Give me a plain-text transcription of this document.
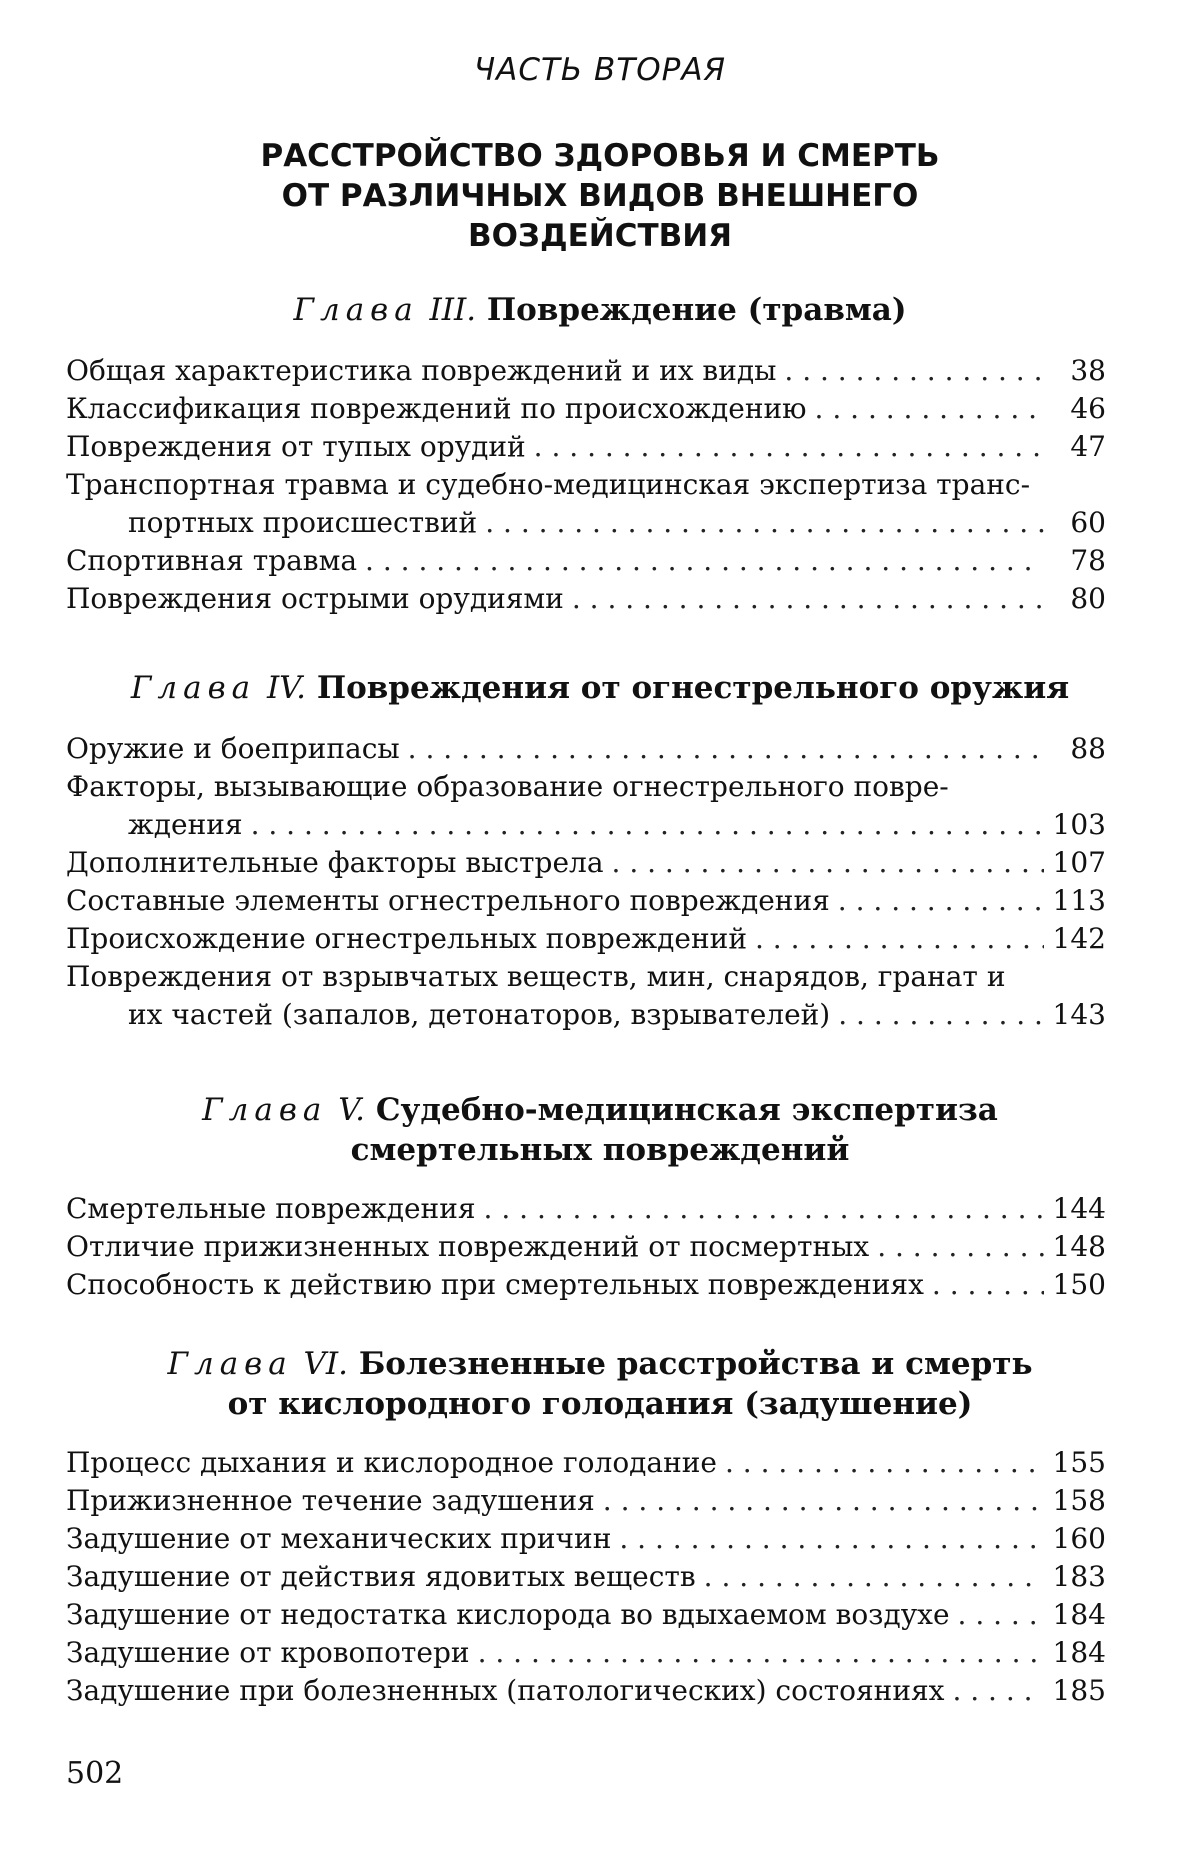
ЧАСТЬ ВТОРАЯ
РАССТРОЙСТВО ЗДОРОВЬЯ И СМЕРТЬ
ОТ РАЗЛИЧНЫХ ВИДОВ ВНЕШНЕГО
ВОЗДЕЙСТВИЯ
Глава III. Повреждение (травма)
Общая характеристика повреждений и их виды . . .	38
Классификация повреждений по происхождению . . .	46
Повреждения от тупых орудий . . .	47
Транспортная травма и судебно-медицинская экспертиза транс-
портных происшествий . . .	60
Спортивная травма . . .	78
Повреждения острыми орудиями . . .	80
Глава IV. Повреждения от огнестрельного оружия
Оружие и боеприпасы . . .	88
Факторы, вызывающие образование огнестрельного повре-
ждения . . .	103
Дополнительные факторы выстрела . . .	107
Составные элементы огнестрельного повреждения . . .	113
Происхождение огнестрельных повреждений . . .	142
Повреждения от взрывчатых веществ, мин, снарядов, гранат и
их частей (запалов, детонаторов, взрывателей) . . .	143
Глава V. Судебно-медицинская экспертиза
смертельных повреждений
Смертельные повреждения . . .	144
Отличие прижизненных повреждений от посмертных . . .	148
Способность к действию при смертельных повреждениях . . .	150
Глава VI. Болезненные расстройства и смерть
от кислородного голодания (задушение)
Процесс дыхания и кислородное голодание . . .	155
Прижизненное течение задушения . . .	158
Задушение от механических причин . . .	160
Задушение от действия ядовитых веществ . . .	183
Задушение от недостатка кислорода во вдыхаемом воздухе . . .	184
Задушение от кровопотери . . .	184
Задушение при болезненных (патологических) состояниях . . .	185
502
